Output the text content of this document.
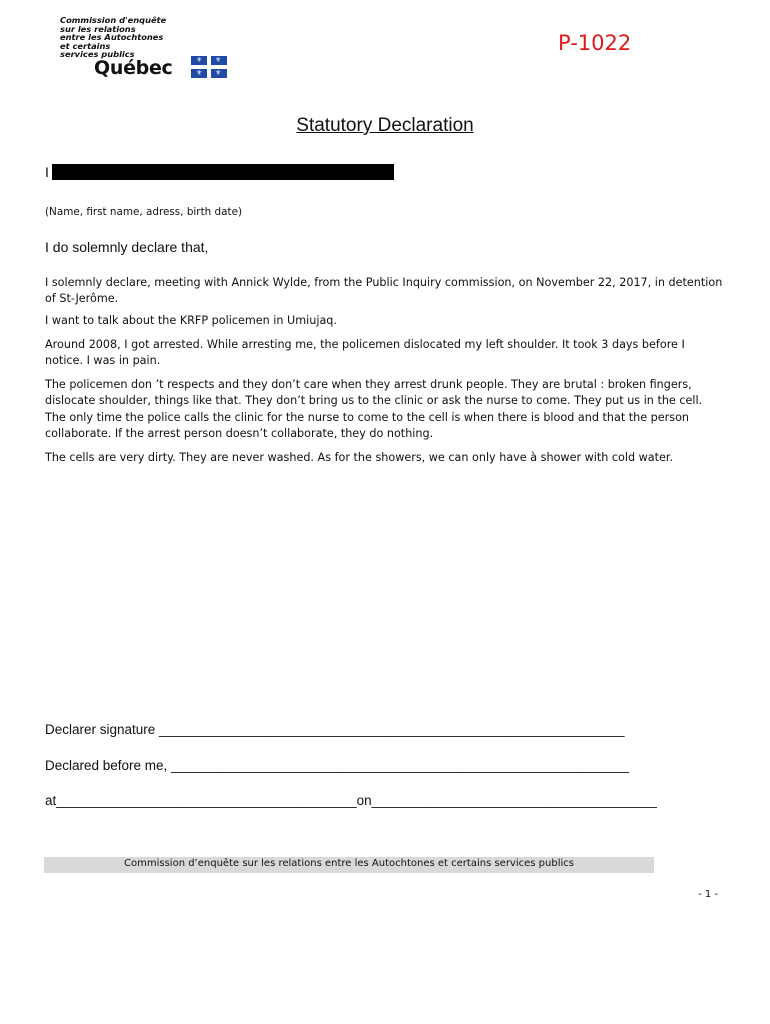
Commission d'enquête
sur les relations
entre les Autochtones
et certains
services publics
Québec	⚜ ⚜
⚜ ⚜
P-1022
Statutory Declaration
I
(Name, first name, adress, birth date)
I do solemnly declare that,

I solemnly declare, meeting with Annick Wylde, from the Public Inquiry commission, on November 22, 2017, in detention of St-Jerôme.

I want to talk about the KRFP policemen in Umiujaq.

Around 2008, I got arrested. While arresting me, the policemen dislocated my left shoulder. It took 3 days before I notice. I was in pain.

The policemen don ’t respects and they don’t care when they arrest drunk people. They are brutal : broken fingers, dislocate shoulder, things like that. They don’t bring us to the clinic or ask the nurse to come. They put us in the cell. The only time the police calls the clinic for the nurse to come to the cell is when there is blood and that the person collaborate. If the arrest person doesn’t collaborate, they do nothing.

The cells are very dirty. They are never washed. As for the showers, we can only have à shower with cold water.

Declarer signature ______________________________________________________________
Declared before me, _____________________________________________________________
at________________________________________on______________________________________
Commission d’enquête sur les relations entre les Autochtones et certains services publics
- 1 -
